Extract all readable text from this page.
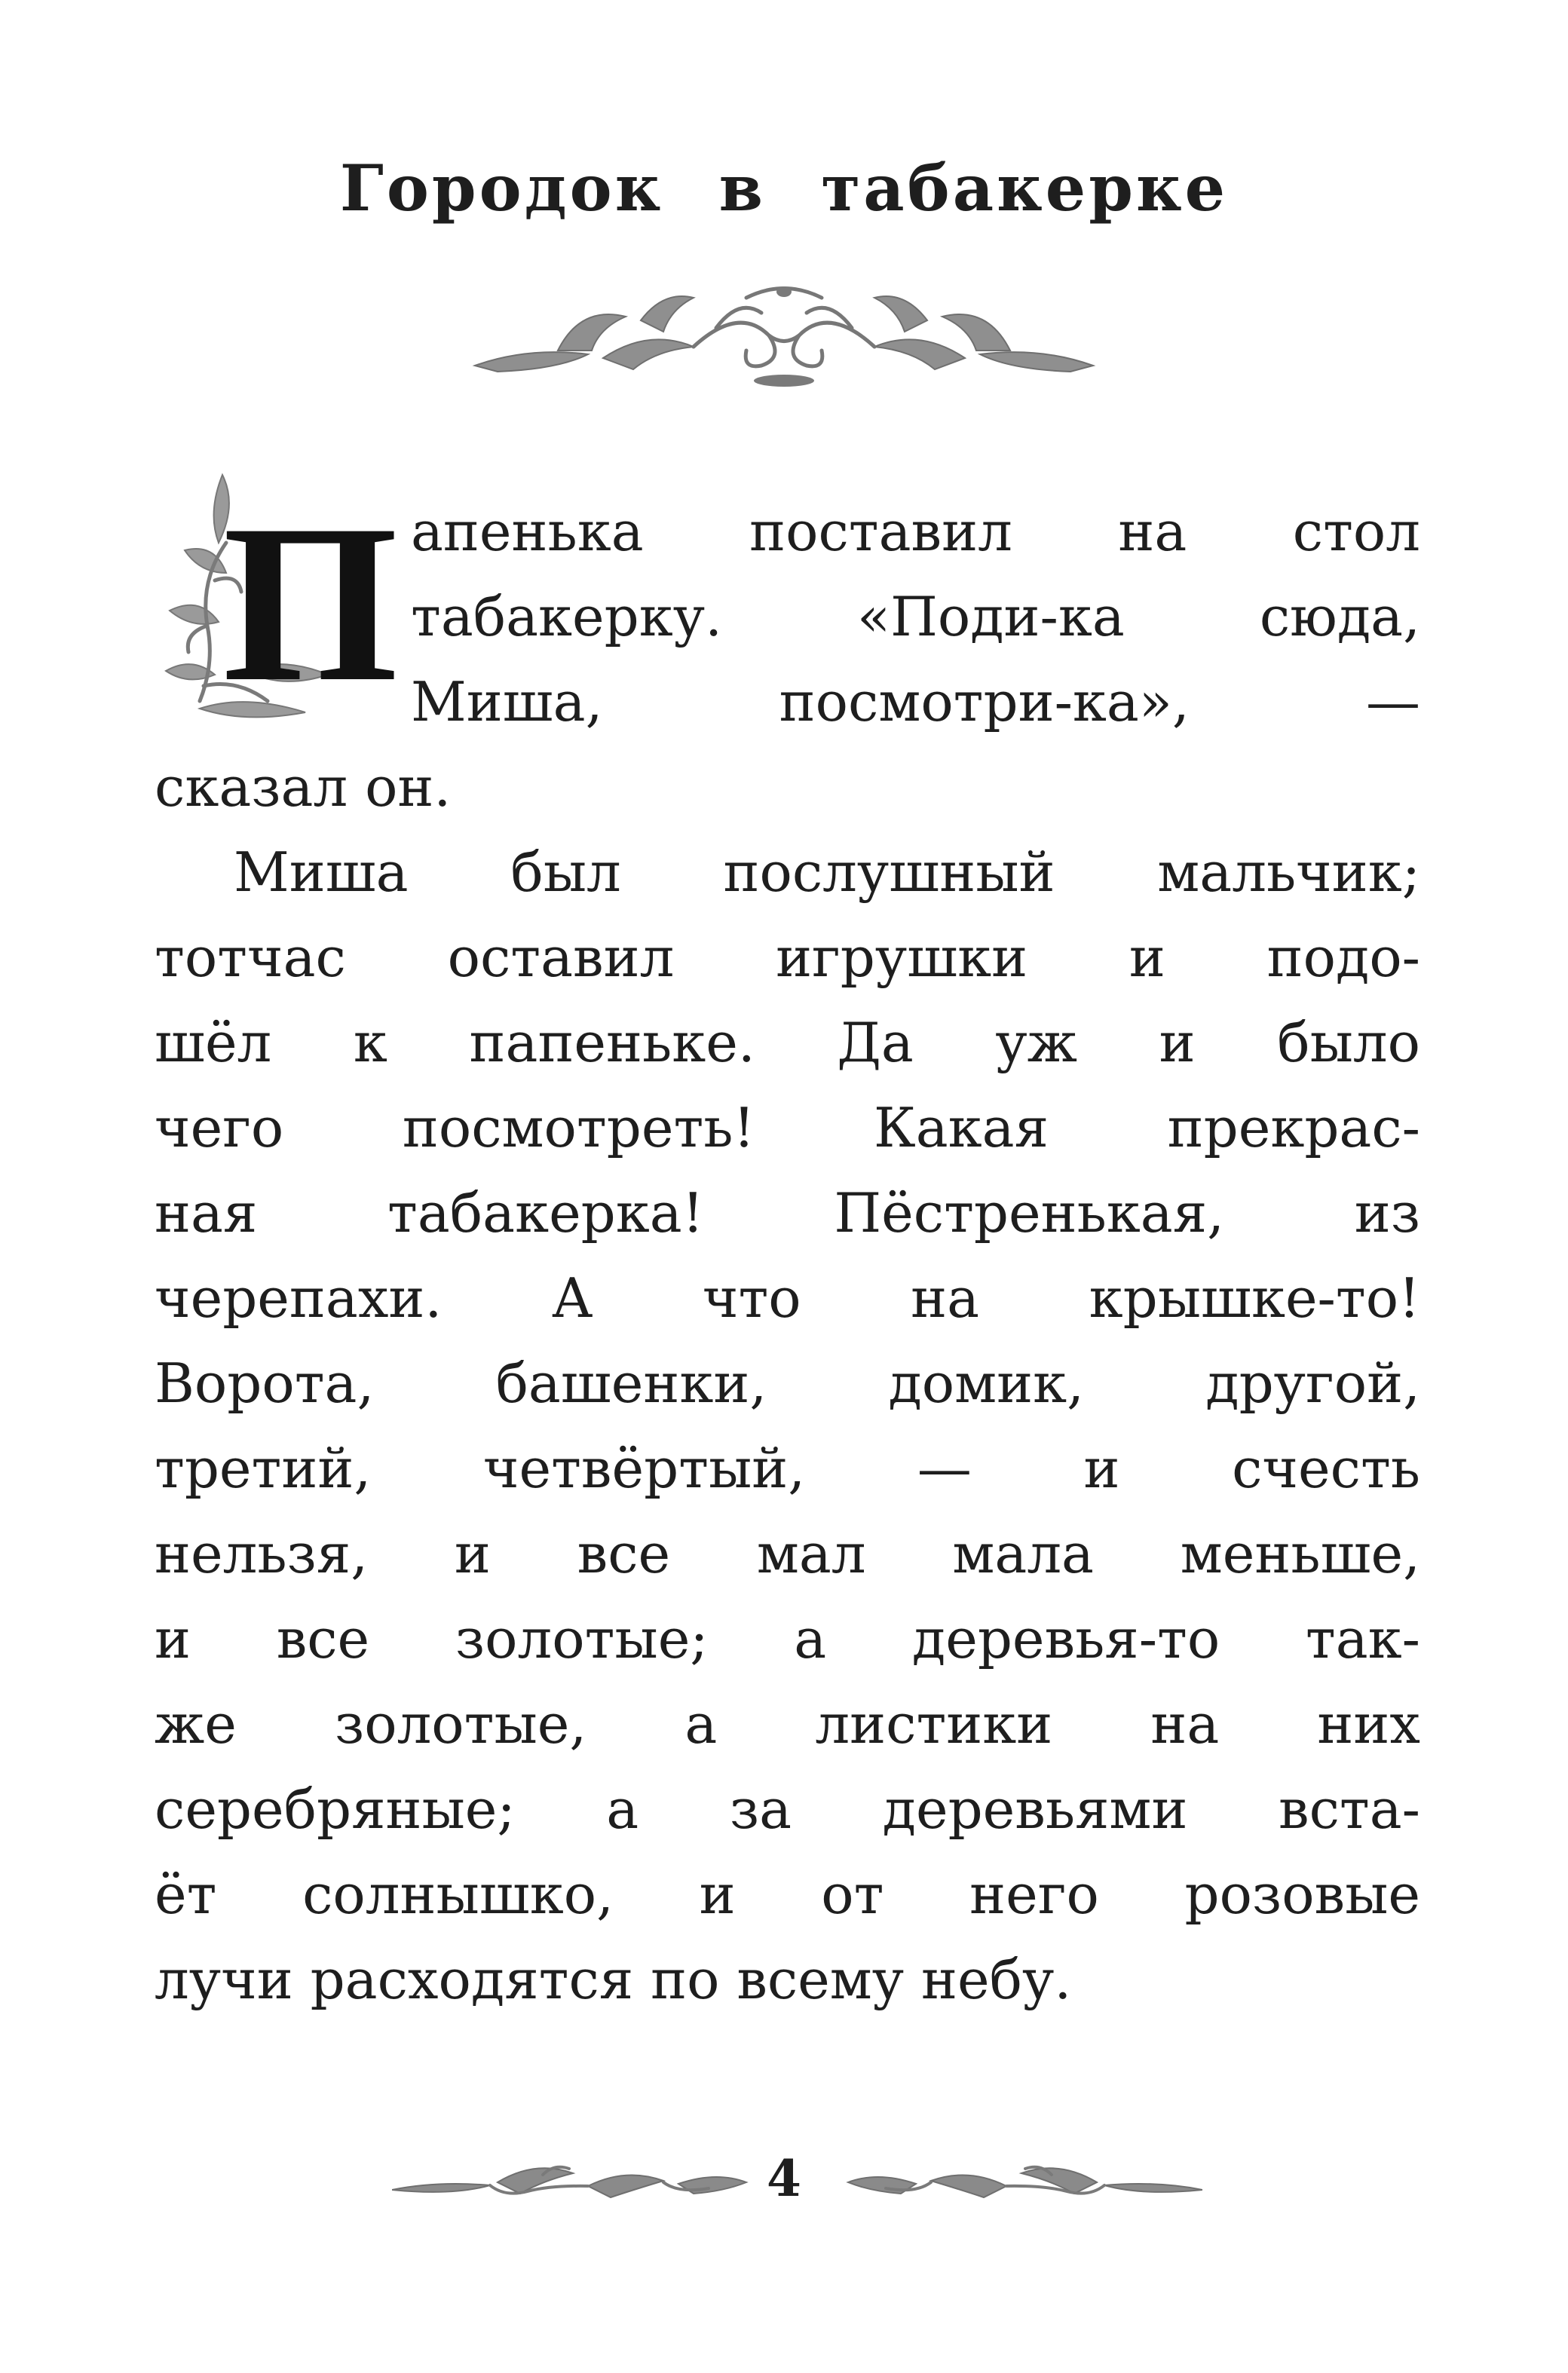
Городок в табакерке
П апенька поставил на стол
табакерку. «Поди-ка сюда,
Миша, посмотри-ка», —
сказал он.
Миша был послушный мальчик;
тотчас оставил игрушки и подо-
шёл к папеньке. Да уж и было
чего посмотреть! Какая прекрас-
ная табакерка! Пёстренькая, из
черепахи. А что на крышке-то!
Ворота, башенки, домик, другой,
третий, четвёртый, — и счесть
нельзя, и все мал мала меньше,
и все золотые; а деревья-то так-
же золотые, а листики на них
серебряные; а за деревьями вста-
ёт солнышко, и от него розовые
лучи расходятся по всему небу.
4
